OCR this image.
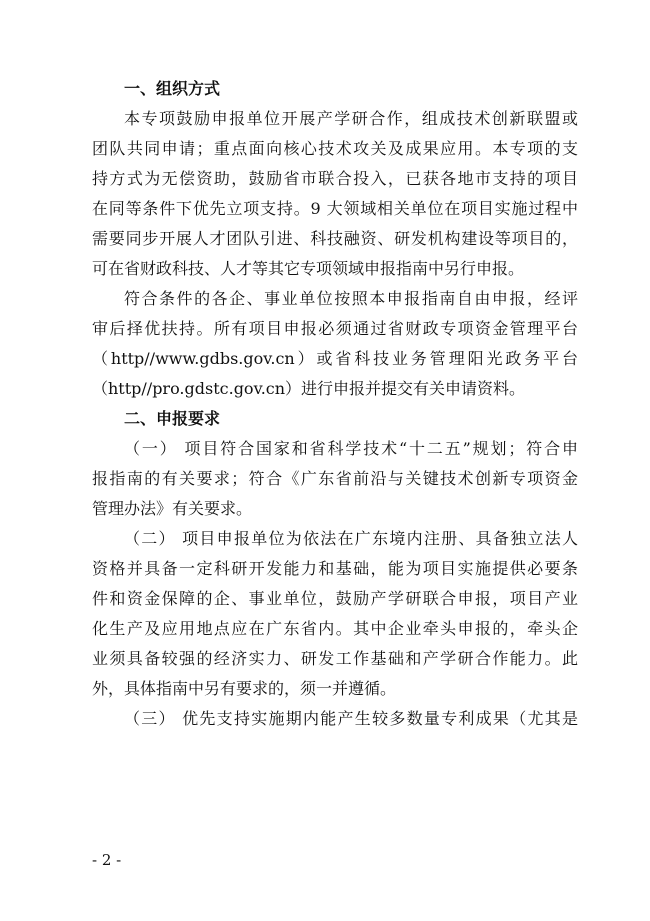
一、组织方式
本专项鼓励申报单位开展产学研合作，组成技术创新联盟或
团队共同申请；重点面向核心技术攻关及成果应用。本专项的支
持方式为无偿资助，鼓励省市联合投入，已获各地市支持的项目
在同等条件下优先立项支持。9 大领域相关单位在项目实施过程中
需要同步开展人才团队引进、科技融资、研发机构建设等项目的，
可在省财政科技、人才等其它专项领域申报指南中另行申报。
符合条件的各企、事业单位按照本申报指南自由申报，经评
审后择优扶持。所有项目申报必须通过省财政专项资金管理平台
（http//www.gdbs.gov.cn）或省科技业务管理阳光政务平台
（http//pro.gdstc.gov.cn）进行申报并提交有关申请资料。
二、申报要求
（一） 项目符合国家和省科学技术“十二五”规划；符合申
报指南的有关要求；符合《广东省前沿与关键技术创新专项资金
管理办法》有关要求。
（二） 项目申报单位为依法在广东境内注册、具备独立法人
资格并具备一定科研开发能力和基础，能为项目实施提供必要条
件和资金保障的企、事业单位，鼓励产学研联合申报，项目产业
化生产及应用地点应在广东省内。其中企业牵头申报的，牵头企
业须具备较强的经济实力、研发工作基础和产学研合作能力。此
外，具体指南中另有要求的，须一并遵循。
（三） 优先支持实施期内能产生较多数量专利成果（尤其是
- 2 -
